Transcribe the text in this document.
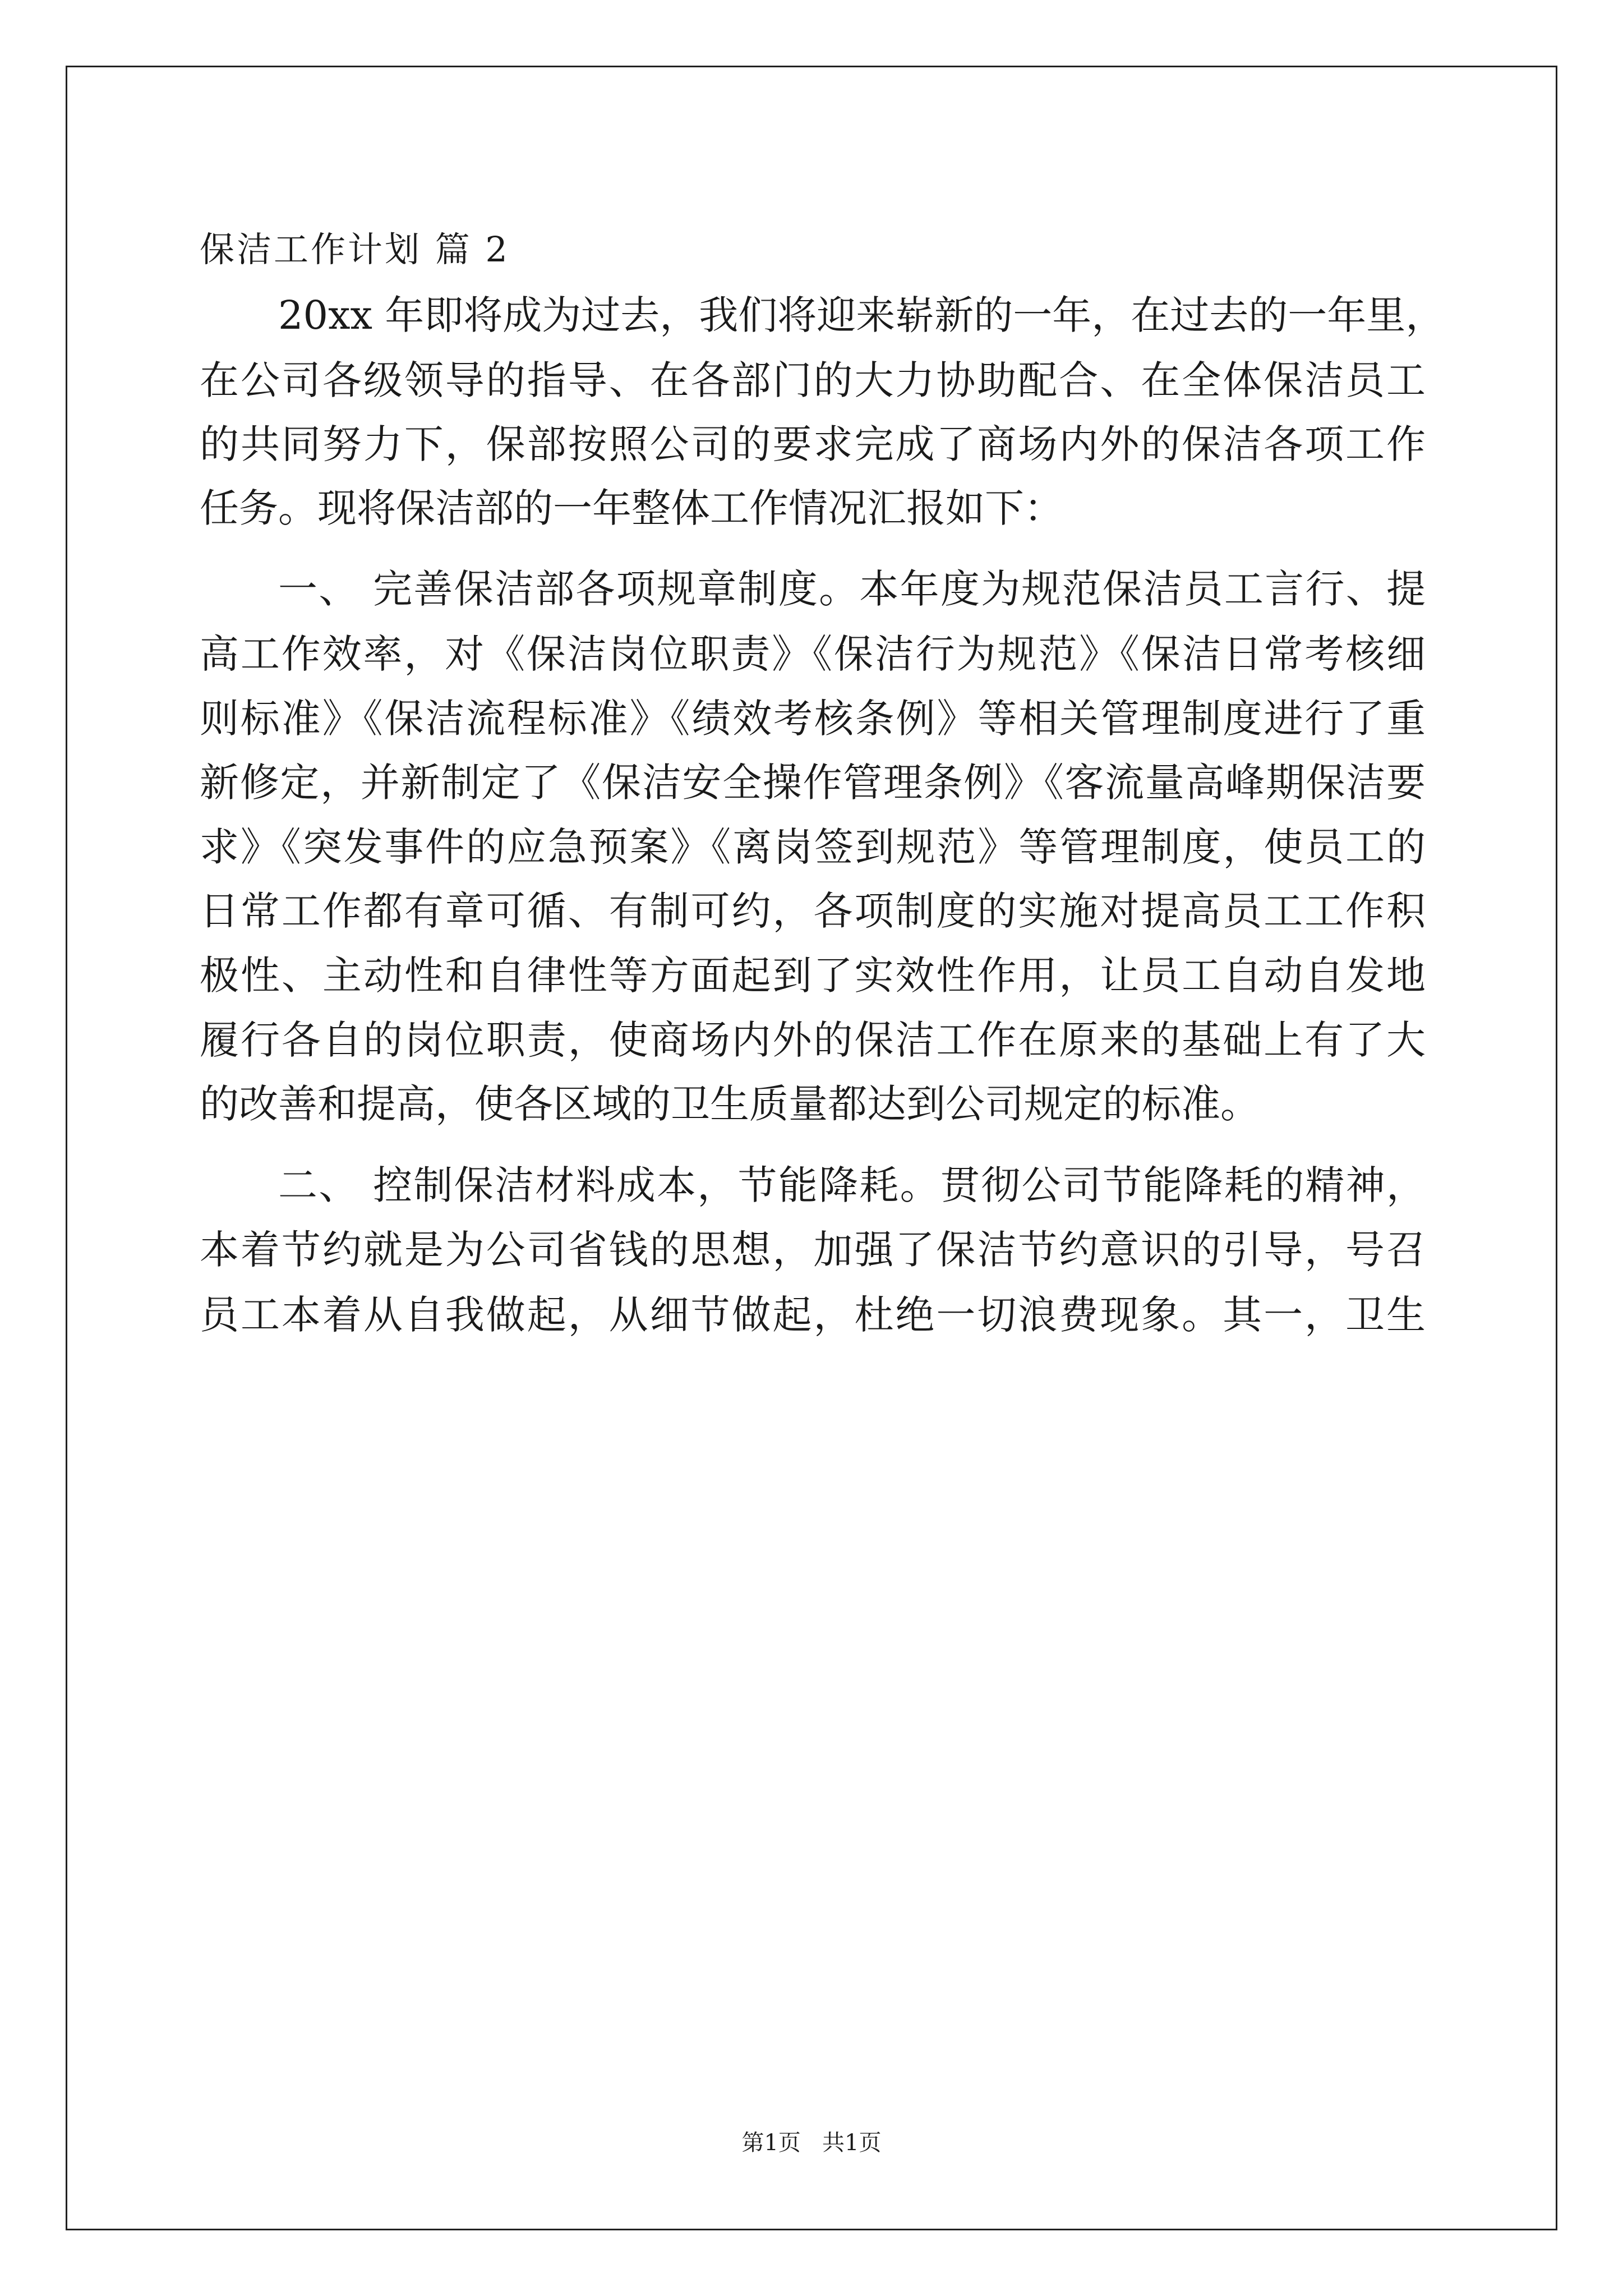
保洁工作计划 篇 2
20xx 年即将成为过去，我们将迎来崭新的一年，在过去的一年里，
在公司各级领导的指导、在各部门的大力协助配合、在全体保洁员工
的共同努力下，保部按照公司的要求完成了商场内外的保洁各项工作
任务。现将保洁部的一年整体工作情况汇报如下：
一、 完善保洁部各项规章制度。本年度为规范保洁员工言行、提
高工作效率，对《保洁岗位职责》《保洁行为规范》《保洁日常考核细
则标准》《保洁流程标准》《绩效考核条例》等相关管理制度进行了重
新修定，并新制定了《保洁安全操作管理条例》《客流量高峰期保洁要
求》《突发事件的应急预案》《离岗签到规范》等管理制度，使员工的
日常工作都有章可循、有制可约，各项制度的实施对提高员工工作积
极性、主动性和自律性等方面起到了实效性作用，让员工自动自发地
履行各自的岗位职责，使商场内外的保洁工作在原来的基础上有了大
的改善和提高，使各区域的卫生质量都达到公司规定的标准。
二、 控制保洁材料成本，节能降耗。贯彻公司节能降耗的精神，
本着节约就是为公司省钱的思想，加强了保洁节约意识的引导，号召
员工本着从自我做起，从细节做起，杜绝一切浪费现象。其一，卫生
第1页   共1页
